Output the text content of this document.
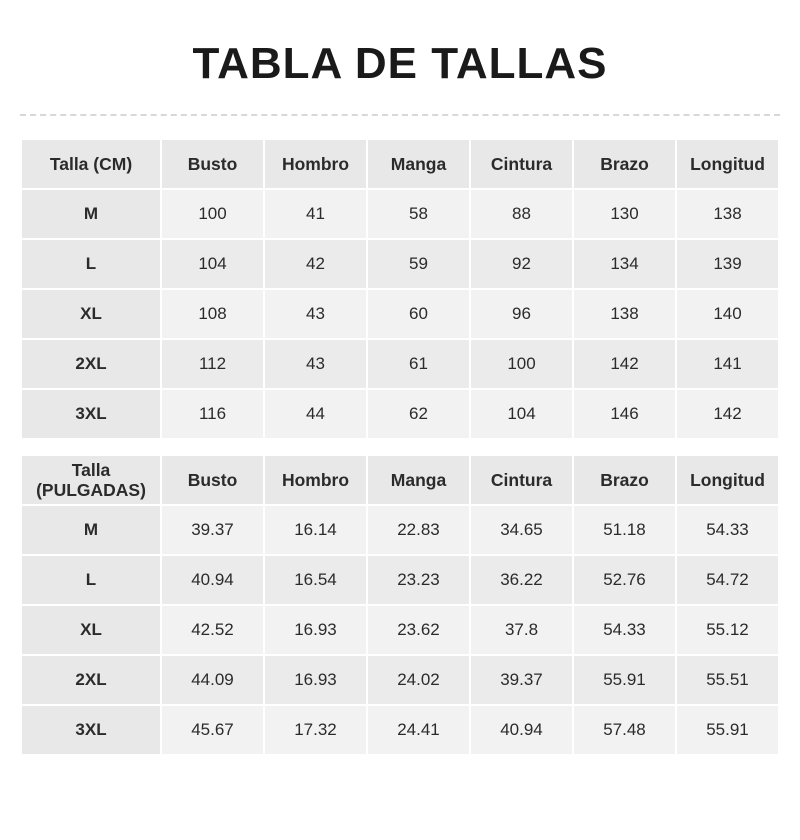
TABLA DE TALLAS
Talla (CM)	Busto	Hombro	Manga	Cintura	Brazo	Longitud
M	100	41	58	88	130	138
L	104	42	59	92	134	139
XL	108	43	60	96	138	140
2XL	112	43	61	100	142	141
3XL	116	44	62	104	146	142
Talla
(PULGADAS)	Busto	Hombro	Manga	Cintura	Brazo	Longitud
M	39.37	16.14	22.83	34.65	51.18	54.33
L	40.94	16.54	23.23	36.22	52.76	54.72
XL	42.52	16.93	23.62	37.8	54.33	55.12
2XL	44.09	16.93	24.02	39.37	55.91	55.51
3XL	45.67	17.32	24.41	40.94	57.48	55.91
